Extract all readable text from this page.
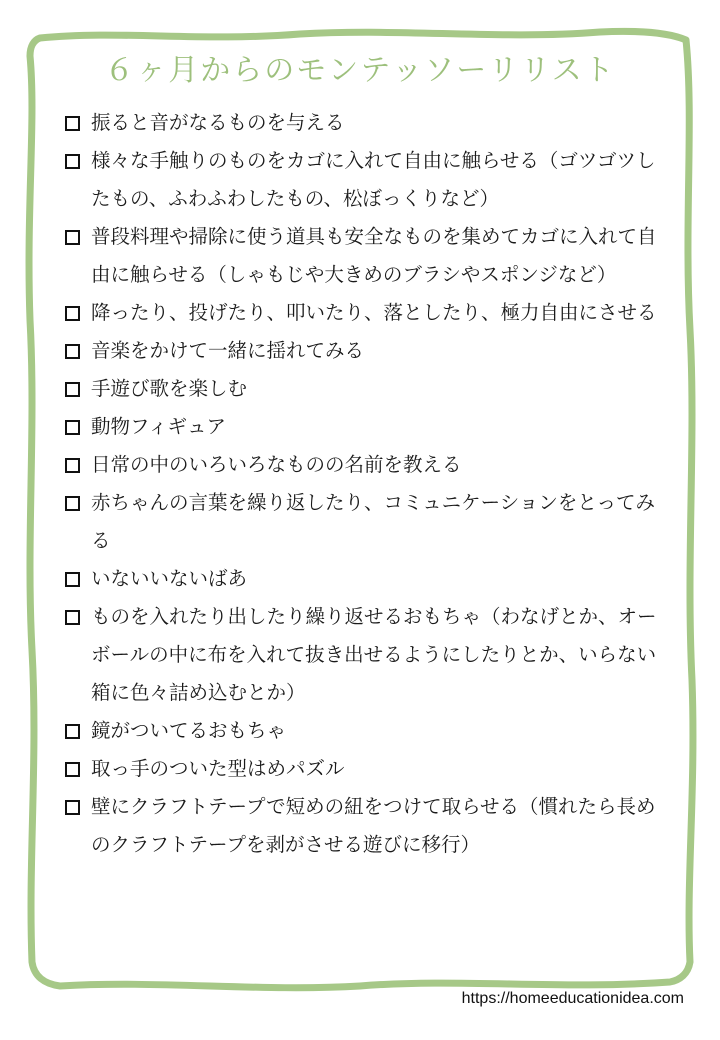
６ヶ月からのモンテッソーリリスト
振ると音がなるものを与える
様々な手触りのものをカゴに入れて自由に触らせる（ゴツゴツしたもの、ふわふわしたもの、松ぼっくりなど）
普段料理や掃除に使う道具も安全なものを集めてカゴに入れて自由に触らせる（しゃもじや大きめのブラシやスポンジなど）
降ったり、投げたり、叩いたり、落としたり、極力自由にさせる
音楽をかけて一緒に揺れてみる
手遊び歌を楽しむ
動物フィギュア
日常の中のいろいろなものの名前を教える
赤ちゃんの言葉を繰り返したり、コミュニケーションをとってみる
いないいないばあ
ものを入れたり出したり繰り返せるおもちゃ（わなげとか、オーボールの中に布を入れて抜き出せるようにしたりとか、いらない箱に色々詰め込むとか）
鏡がついてるおもちゃ
取っ手のついた型はめパズル
壁にクラフトテープで短めの紐をつけて取らせる（慣れたら長めのクラフトテープを剥がさせる遊びに移行）
https://homeeducationidea.com
